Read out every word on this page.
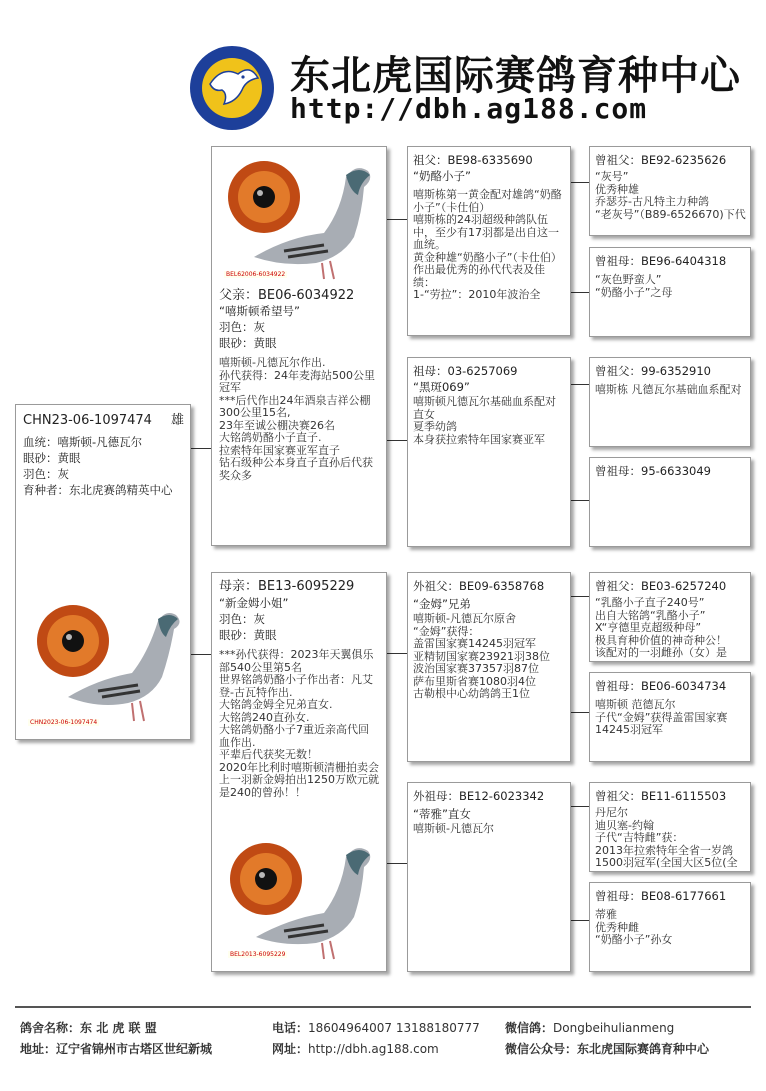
东北虎国际赛鸽育种中心
http://dbh.ag188.com
CHN23-06-1097474 雄
血统：嘻斯顿-凡德瓦尔
眼砂：黄眼
羽色：灰
育种者：东北虎赛鸽精英中心
CHN2023-06-1097474
BEL62006-6034922
父亲：BE06-6034922
“嘻斯顿希望号”
羽色：灰
眼砂：黄眼
嘻斯顿-凡德瓦尔作出.
孙代获得：24年麦海站500公里冠军
***后代作出24年酒泉吉祥公棚300公里15名,
23年至诚公棚决赛26名
大铭鸽奶酪小子直子.
拉索特年国家赛亚军直子
钻石级种公本身直子直孙后代获奖众多
母亲：BE13-6095229
“新金姆小姐”
羽色：灰
眼砂：黄眼
***孙代获得：2023年天翼俱乐部540公里第5名
世界铭鸽奶酪小子作出者：凡艾登-古瓦特作出.
大铭鸽金姆全兄弟直女.
大铭鸽240直孙女.
大铭鸽奶酪小子7重近亲高代回血作出.
平辈后代获奖无数！
2020年比利时嘻斯顿清栅拍卖会上一羽新金姆拍出1250万欧元就是240的曾孙！！
BEL2013-6095229
祖父：BE98-6335690
“奶酪小子”
嘻斯栋第一黄金配对雄鸽“奶酪小子”（卡仕伯）
嘻斯栋的24羽超级种鸽队伍中，至少有17羽都是出自这一血统。
黄金种雄“奶酪小子”（卡仕伯）
作出最优秀的孙代代表及佳绩：
1-“劳拉”：2010年波治全
祖母：03-6257069
“黑斑069”
嘻斯顿凡德瓦尔基础血系配对直女
夏季幼鸽
本身获拉索特年国家赛亚军
外祖父：BE09-6358768
“金姆”兄弟
嘻斯顿-凡德瓦尔原舍
“金姆”获得：
盖雷国家赛14245羽冠军
亚精韧国家赛23921羽38位
波治国家赛37357羽87位
萨布里斯省赛1080羽4位
古勒根中心幼鸽鸽王1位
外祖母：BE12-6023342
“蒂雅”直女
嘻斯顿-凡德瓦尔
曾祖父：BE92-6235626
“灰号”
优秀种雄
乔瑟芬-古凡特主力种鸽
“老灰号”（B89-6526670)下代
曾祖母：BE96-6404318
“灰色野蛮人”
“奶酪小子”之母
曾祖父：99-6352910
嘻斯栋 凡德瓦尔基础血系配对
曾祖母：95-6633049
曾祖父：BE03-6257240
“乳酪小子直子240号”
出自大铭鸽“乳酪小子”
X“亨德里克超级种母”
极具育种价值的神奇种公！
该配对的一羽雌孙（女）是
曾祖母：BE06-6034734
嘻斯顿 范德瓦尔
子代“金姆”获得盖雷国家赛14245羽冠军
曾祖父：BE11-6115503
丹尼尔
迪贝塞-约翰
子代“吉特雌”获：
2013年拉索特年全省一岁鸽1500羽冠军(全国大区5位(全
曾祖母：BE08-6177661
蒂雅
优秀种雌
“奶酪小子”孙女
鸽舍名称：东 北 虎 联 盟	电话：18604964007 13188180777 微信鸽：Dongbeihulianmeng
地址：辽宁省锦州市古塔区世纪新城	网址：http://dbh.ag188.com	微信公众号：东北虎国际赛鸽育种中心
